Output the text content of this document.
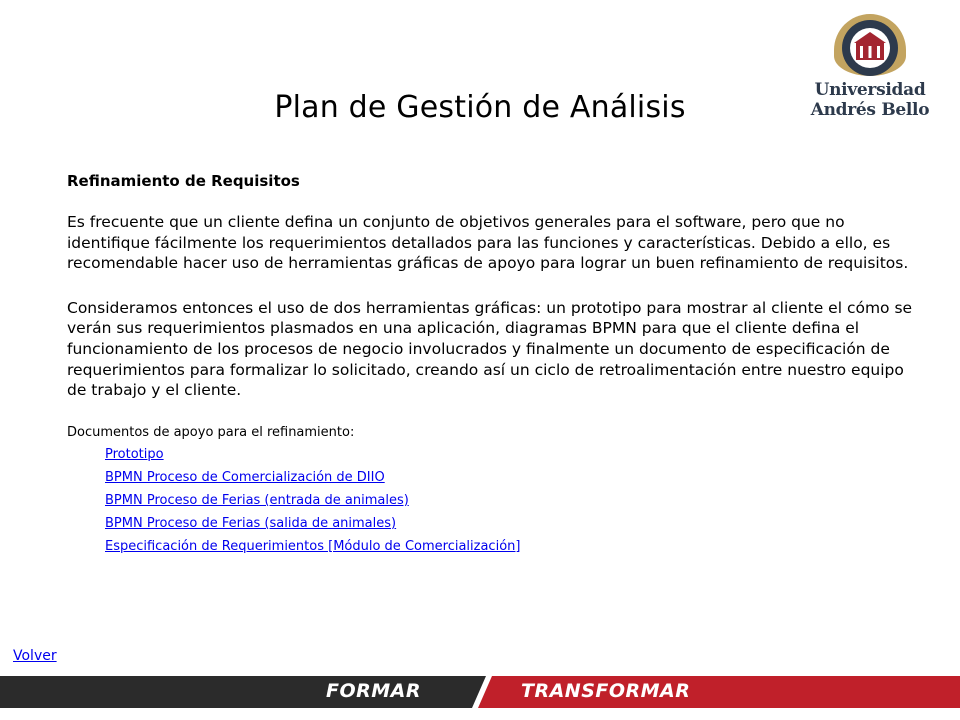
Plan de Gestión de Análisis
Universidad
Andrés Bello

Refinamiento de Requisitos

Es frecuente que un cliente defina un conjunto de objetivos generales para el software, pero que no identifique fácilmente los requerimientos detallados para las funciones y características. Debido a ello, es recomendable hacer uso de herramientas gráficas de apoyo para lograr un buen refinamiento de requisitos.

Consideramos entonces el uso de dos herramientas gráficas: un prototipo para mostrar al cliente el cómo se verán sus requerimientos plasmados en una aplicación, diagramas BPMN para que el cliente defina el funcionamiento de los procesos de negocio involucrados y finalmente un documento de especificación de requerimientos para formalizar lo solicitado, creando así un ciclo de retroalimentación entre nuestro equipo de trabajo y el cliente.

Documentos de apoyo para el refinamiento:

Prototipo
BPMN Proceso de Comercialización de DIIO
BPMN Proceso de Ferias (entrada de animales)
BPMN Proceso de Ferias (salida de animales)
Especificación de Requerimientos [Módulo de Comercialización]
Volver
FORMAR	TRANSFORMAR
